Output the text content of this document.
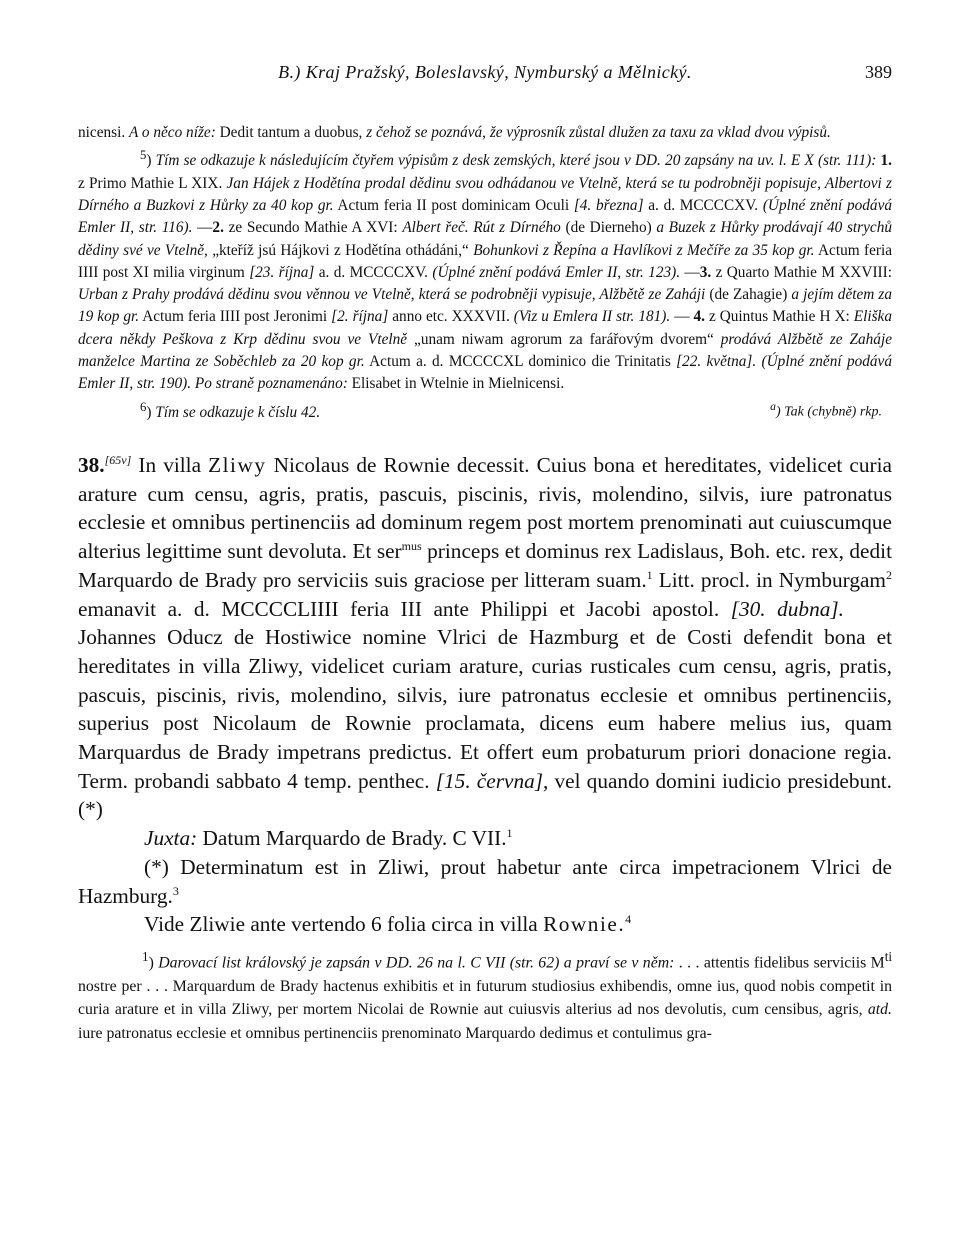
B.) Kraj Pražský, Boleslavský, Nymburský a Mělnický.	389

nicensi. A o něco níže: Dedit tantum a duobus, z čehož se poznává, že výprosník zůstal dlužen za taxu za vklad dvou výpisů.

$^5$) Tím se odkazuje k následujícím čtyřem výpisům z desk zemských, které jsou v DD. 20 zapsány na uv. l. E X (str. 111): 1. z Primo Mathie L XIX. Jan Hájek z Hodětína prodal dědinu svou odhádanou ve Vtelně, která se tu podrobněji popisuje, Albertovi z Dírného a Buzkovi z Hůrky za 40 kop gr. Actum feria II post dominicam Oculi [4. března] a. d. MCCCCXV. (Úplné znění podává Emler II, str. 116). —2. ze Secundo Mathie A XVI: Albert řeč. Rút z Dírného (de Dierneho) a Buzek z Hůrky prodávají 40 strychů dědiny své ve Vtelně, „kteříž jsú Hájkovi z Hodětína othádáni,“ Bohunkovi z Řepína a Havlíkovi z Mečíře za 35 kop gr. Actum feria IIII post XI milia virginum [23. října] a. d. MCCCCXV. (Úplné znění podává Emler II, str. 123). —3. z Quarto Mathie M XXVIII: Urban z Prahy prodává dědinu svou věnnou ve Vtelně, která se podrobněji vypisuje, Alžbětě ze Zaháji (de Zahagie) a jejím dětem za 19 kop gr. Actum feria IIII post Jeronimi [2. října] anno etc. XXXVII. (Viz u Emlera II str. 181). — 4. z Quintus Mathie H X: Eliška dcera někdy Peškova z Krp dědinu svou ve Vtelně „unam niwam agrorum za farářovým dvorem“ prodává Alžbětě ze Zaháje manželce Martina ze Soběchleb za 20 kop gr. Actum a. d. MCCCCXL dominico die Trinitatis [22. května]. (Úplné znění podává Emler II, str. 190). Po straně poznamenáno: Elisabet in Wtelnie in Mielnicensi.

$^6$) Tím se odkazuje k číslu 42.	$^a$) Tak (chybně) rkp.

38.[65v] In villa Zliwy Nicolaus de Rownie decessit. Cuius bona et hereditates, videlicet curia arature cum censu, agris, pratis, pascuis, piscinis, rivis, molendino, silvis, iure patronatus ecclesie et omnibus pertinenciis ad dominum regem post mortem prenominati aut cuiuscumque alterius legittime sunt devoluta. Et ser$^{mus}$ princeps et dominus rex Ladislaus, Boh. etc. rex, dedit Marquardo de Brady pro serviciis suis graciose per litteram suam.$^1$ Litt. procl. in Nymburgam$^2$ emanavit a. d. MCCCCLIIII feria III ante Philippi et Jacobi apostol. [30. dubna].Johannes Oducz de Hostiwice nomine Vlrici de Hazmburg et de Costi defendit bona et hereditates in villa Zliwy, videlicet curiam arature, curias rusticales cum censu, agris, pratis, pascuis, piscinis, rivis, molendino, silvis, iure patronatus ecclesie et omnibus pertinenciis, superius post Nicolaum de Rownie proclamata, dicens eum habere melius ius, quam Marquardus de Brady impetrans predictus. Et offert eum probaturum priori donacione regia. Term. probandi sabbato 4 temp. penthec. [15. června], vel quando domini iudicio presidebunt.(*)

Juxta: Datum Marquardo de Brady. C VII.$^1$

(*) Determinatum est in Zliwi, prout habetur ante circa impetracionem Vlrici de Hazmburg.$^3$

Vide Zliwie ante vertendo 6 folia circa in villa Rownie.$^4$

$^1$) Darovací list královský je zapsán v DD. 26 na l. C VII (str. 62) a praví se v něm: . . . attentis fidelibus serviciis $M^{ti}$ nostre per . . . Marquardum de Brady hactenus exhibitis et in futurum studiosius exhibendis, omne ius, quod nobis competit in curia arature et in villa Zliwy, per mortem Nicolai de Rownie aut cuiusvis alterius ad nos devolutis, cum censibus, agris, atd. iure patronatus ecclesie et omnibus pertinenciis prenominato Marquardo dedimus et contulimus gra-
